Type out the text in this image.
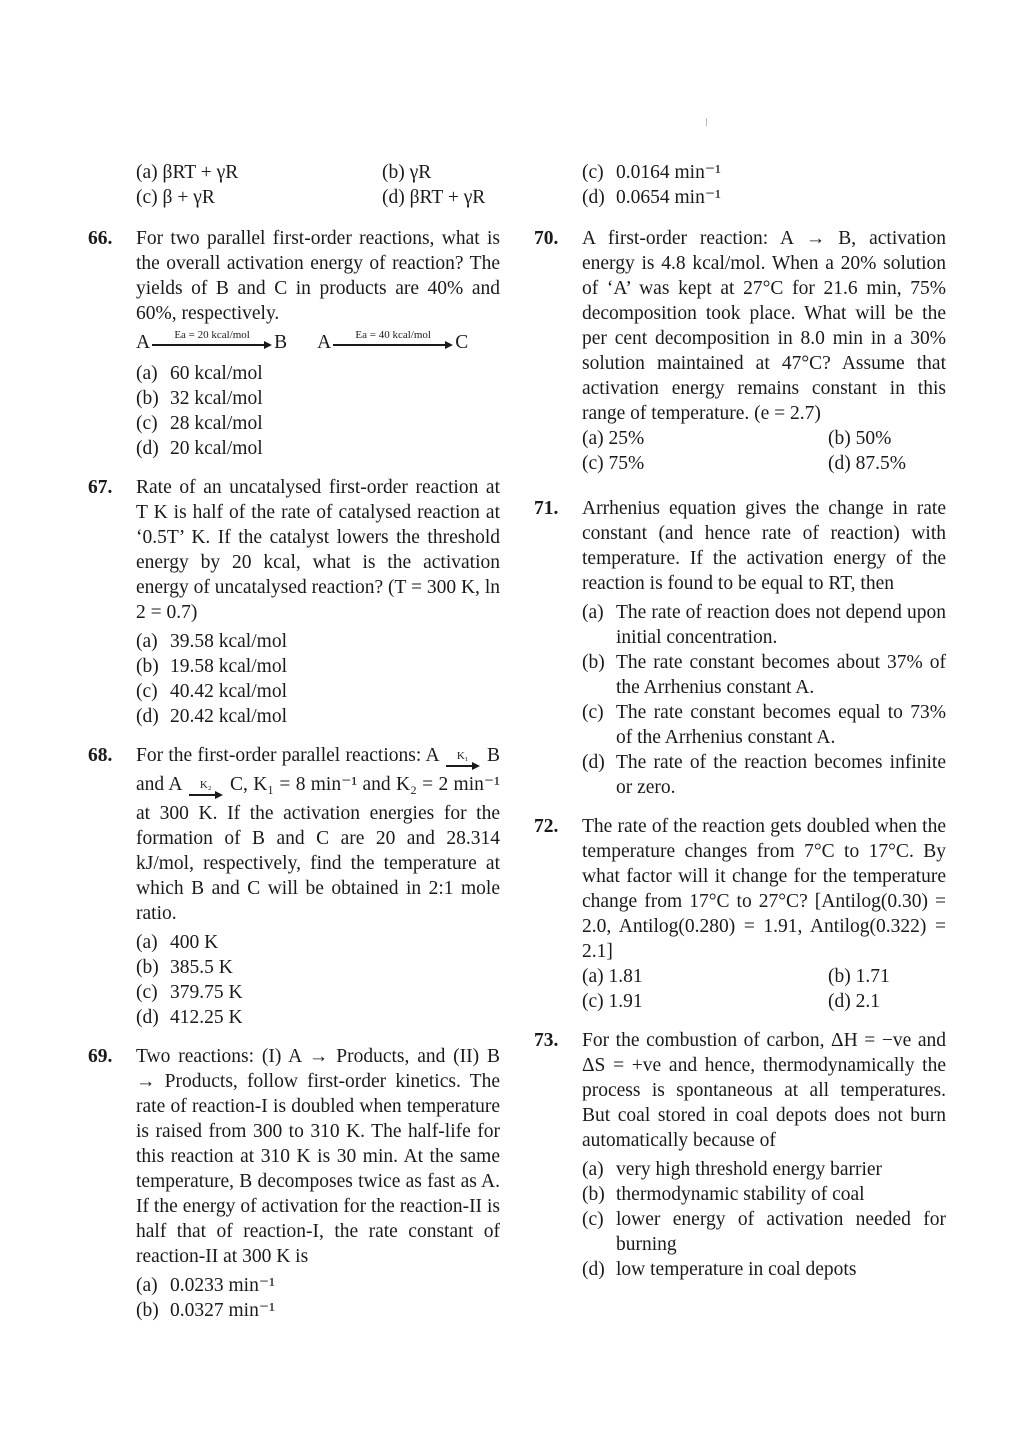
(a) βRT + γR	(b) γR
(c) β + γR	(d) βRT + γR
66. For two parallel first-order reactions, what is the overall activation energy of reaction? The yields of B and C in products are 40% and 60%, respectively.
A Ea = 20 kcal/mol B A Ea = 40 kcal/mol C
(a) 60 kcal/mol
(b) 32 kcal/mol
(c) 28 kcal/mol
(d) 20 kcal/mol
67. Rate of an uncatalysed first-order reaction at T K is half of the rate of catalysed reaction at ‘0.5T’ K. If the catalyst lowers the threshold energy by 20 kcal, what is the activation energy of uncatalysed reaction? (T = 300 K, ln 2 = 0.7)
(a) 39.58 kcal/mol
(b) 19.58 kcal/mol
(c) 40.42 kcal/mol
(d) 20.42 kcal/mol
68. For the first-order parallel reactions: A K₁ B and A K₂ C, K₁ = 8 min⁻¹ and K₂ = 2 min⁻¹ at 300 K. If the activation energies for the formation of B and C are 20 and 28.314 kJ/mol, respectively, find the temperature at which B and C will be obtained in 2:1 mole ratio.
(a) 400 K
(b) 385.5 K
(c) 379.75 K
(d) 412.25 K
69. Two reactions: (I) A → Products, and (II) B → Products, follow first-order kinetics. The rate of reaction-I is doubled when temperature is raised from 300 to 310 K. The half-life for this reaction at 310 K is 30 min. At the same temperature, B decomposes twice as fast as A. If the energy of activation for the reaction-II is half that of reaction-I, the rate constant of reaction-II at 300 K is
(a) 0.0233 min⁻¹
(b) 0.0327 min⁻¹
(c) 0.0164 min⁻¹
(d) 0.0654 min⁻¹
70. A first-order reaction: A → B, activation energy is 4.8 kcal/mol. When a 20% solution of ‘A’ was kept at 27°C for 21.6 min, 75% decomposition took place. What will be the per cent decomposition in 8.0 min in a 30% solution maintained at 47°C? Assume that activation energy remains constant in this range of temperature. (e = 2.7)
(a) 25%	(b) 50%
(c) 75%	(d) 87.5%
71. Arrhenius equation gives the change in rate constant (and hence rate of reaction) with temperature. If the activation energy of the reaction is found to be equal to RT, then
(a) The rate of reaction does not depend upon initial concentration.
(b) The rate constant becomes about 37% of the Arrhenius constant A.
(c) The rate constant becomes equal to 73% of the Arrhenius constant A.
(d) The rate of the reaction becomes infinite or zero.
72. The rate of the reaction gets doubled when the temperature changes from 7°C to 17°C. By what factor will it change for the temperature change from 17°C to 27°C? [Antilog(0.30) = 2.0, Antilog(0.280) = 1.91, Antilog(0.322) = 2.1]
(a) 1.81	(b) 1.71
(c) 1.91	(d) 2.1
73. For the combustion of carbon, ΔH = −ve and ΔS = +ve and hence, thermodynamically the process is spontaneous at all temperatures. But coal stored in coal depots does not burn automatically because of
(a) very high threshold energy barrier
(b) thermodynamic stability of coal
(c) lower energy of activation needed for burning
(d) low temperature in coal depots
